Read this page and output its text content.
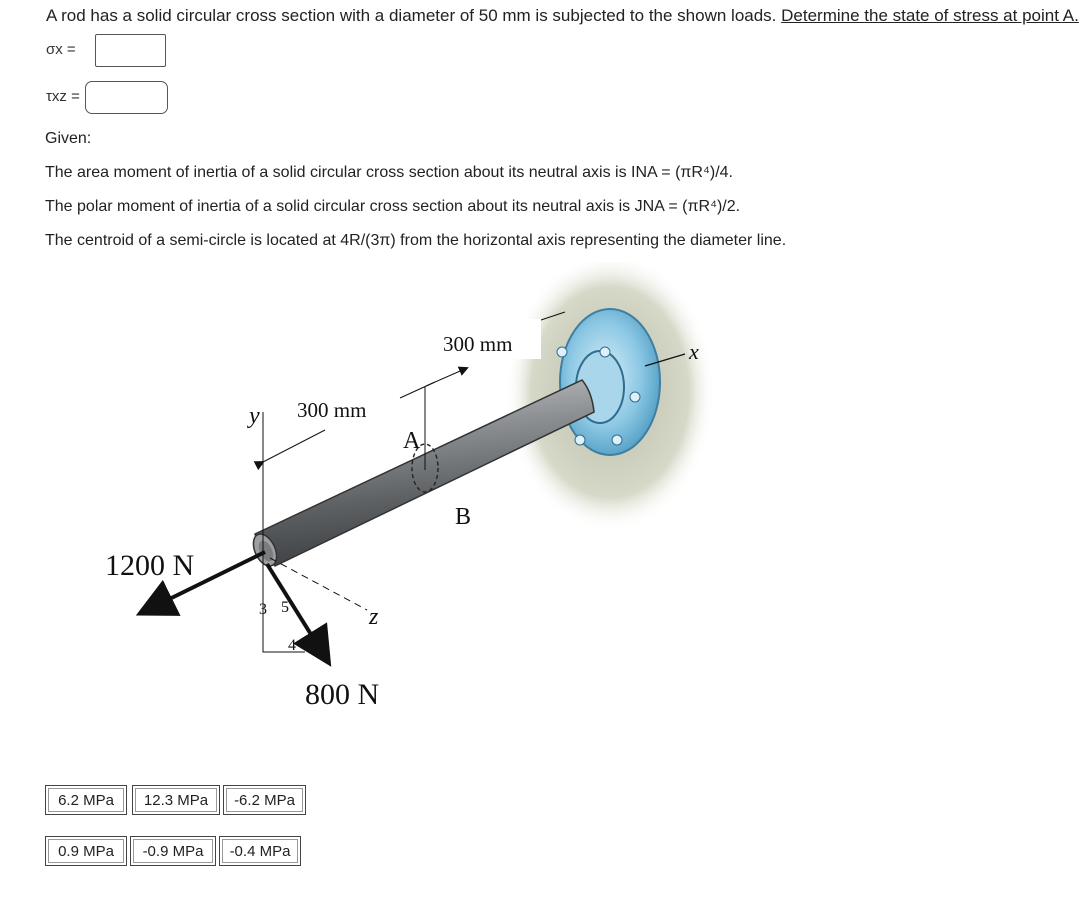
A rod has a solid circular cross section with a diameter of 50 mm is subjected to the shown loads. Determine the state of stress at point A.
σx =
τxz =
Given:
The area moment of inertia of a solid circular cross section about its neutral axis is INA = (πR⁴)/4.
The polar moment of inertia of a solid circular cross section about its neutral axis is JNA = (πR⁴)/2.
The centroid of a semi-circle is located at 4R/(3π) from the horizontal axis representing the diameter line.
x
300 mm
300 mm
y
z
A
B
1200 N
3
4
5
800 N
6.2 MPa	12.3 MPa	-6.2 MPa
0.9 MPa	-0.9 MPa	-0.4 MPa
